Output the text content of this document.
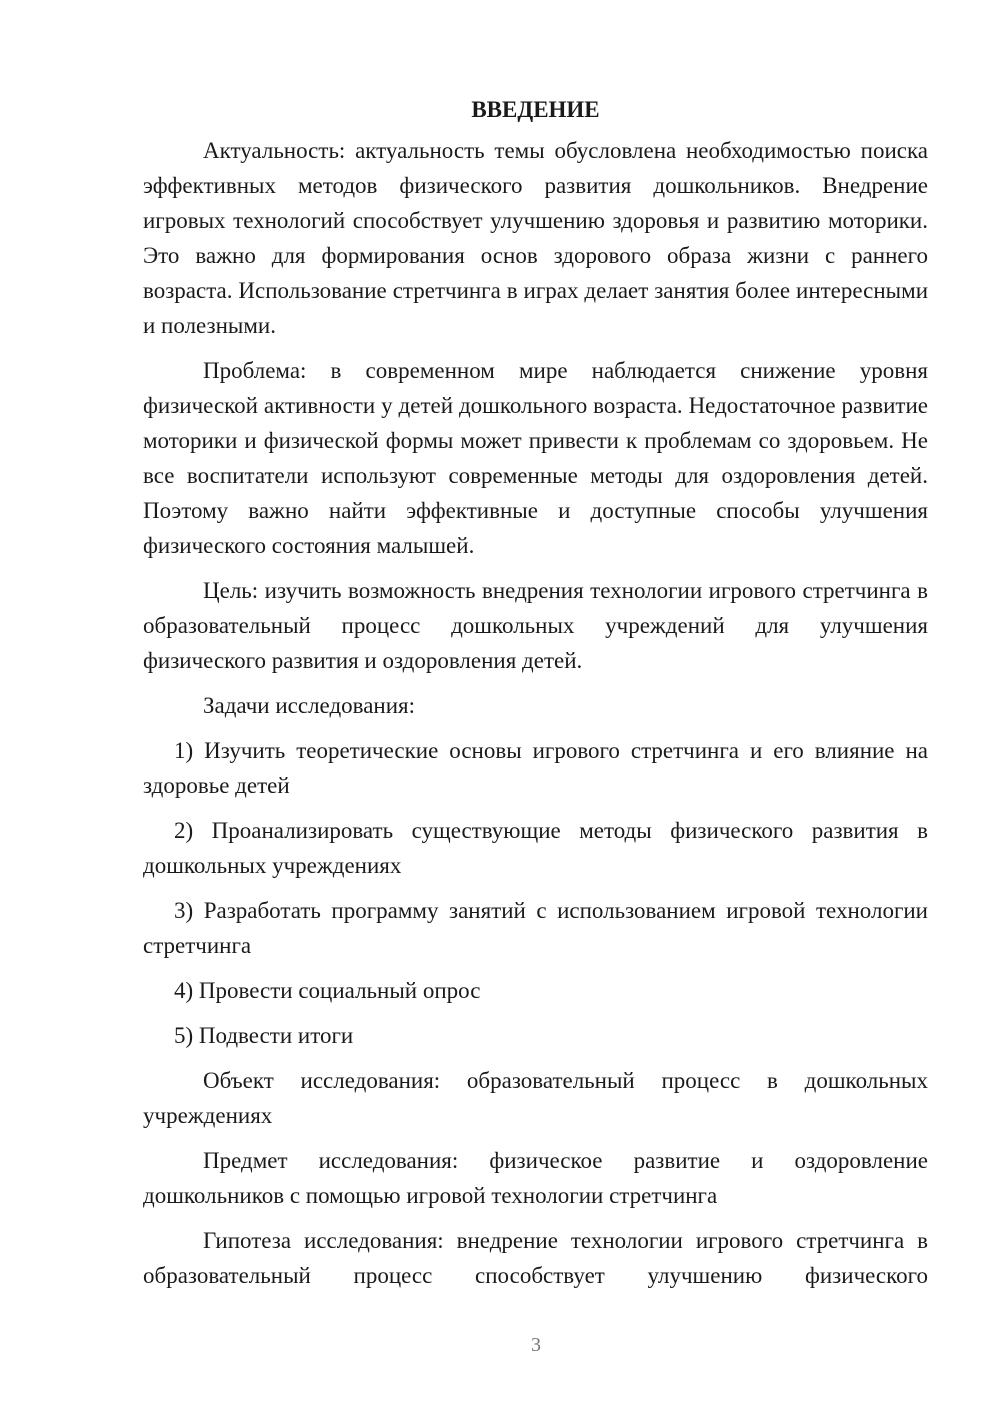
ВВЕДЕНИЕ

Актуальность: актуальность темы обусловлена необходимостью поиска эффективных методов физического развития дошкольников. Внедрение игровых технологий способствует улучшению здоровья и развитию моторики. Это важно для формирования основ здорового образа жизни с раннего возраста. Использование стретчинга в играх делает занятия более интересными и полезными.

Проблема: в современном мире наблюдается снижение уровня физической активности у детей дошкольного возраста. Недостаточное развитие моторики и физической формы может привести к проблемам со здоровьем. Не все воспитатели используют современные методы для оздоровления детей. Поэтому важно найти эффективные и доступные способы улучшения физического состояния малышей.

Цель: изучить возможность внедрения технологии игрового стретчинга в образовательный процесс дошкольных учреждений для улучшения физического развития и оздоровления детей.

Задачи исследования:

1) Изучить теоретические основы игрового стретчинга и его влияние на здоровье детей

2) Проанализировать существующие методы физического развития в дошкольных учреждениях

3) Разработать программу занятий с использованием игровой технологии стретчинга

4) Провести социальный опрос

5) Подвести итоги

Объект исследования: образовательный процесс в дошкольных учреждениях

Предмет исследования: физическое развитие и оздоровление дошкольников с помощью игровой технологии стретчинга

Гипотеза исследования: внедрение технологии игрового стретчинга в образовательный процесс способствует улучшению физического

3
